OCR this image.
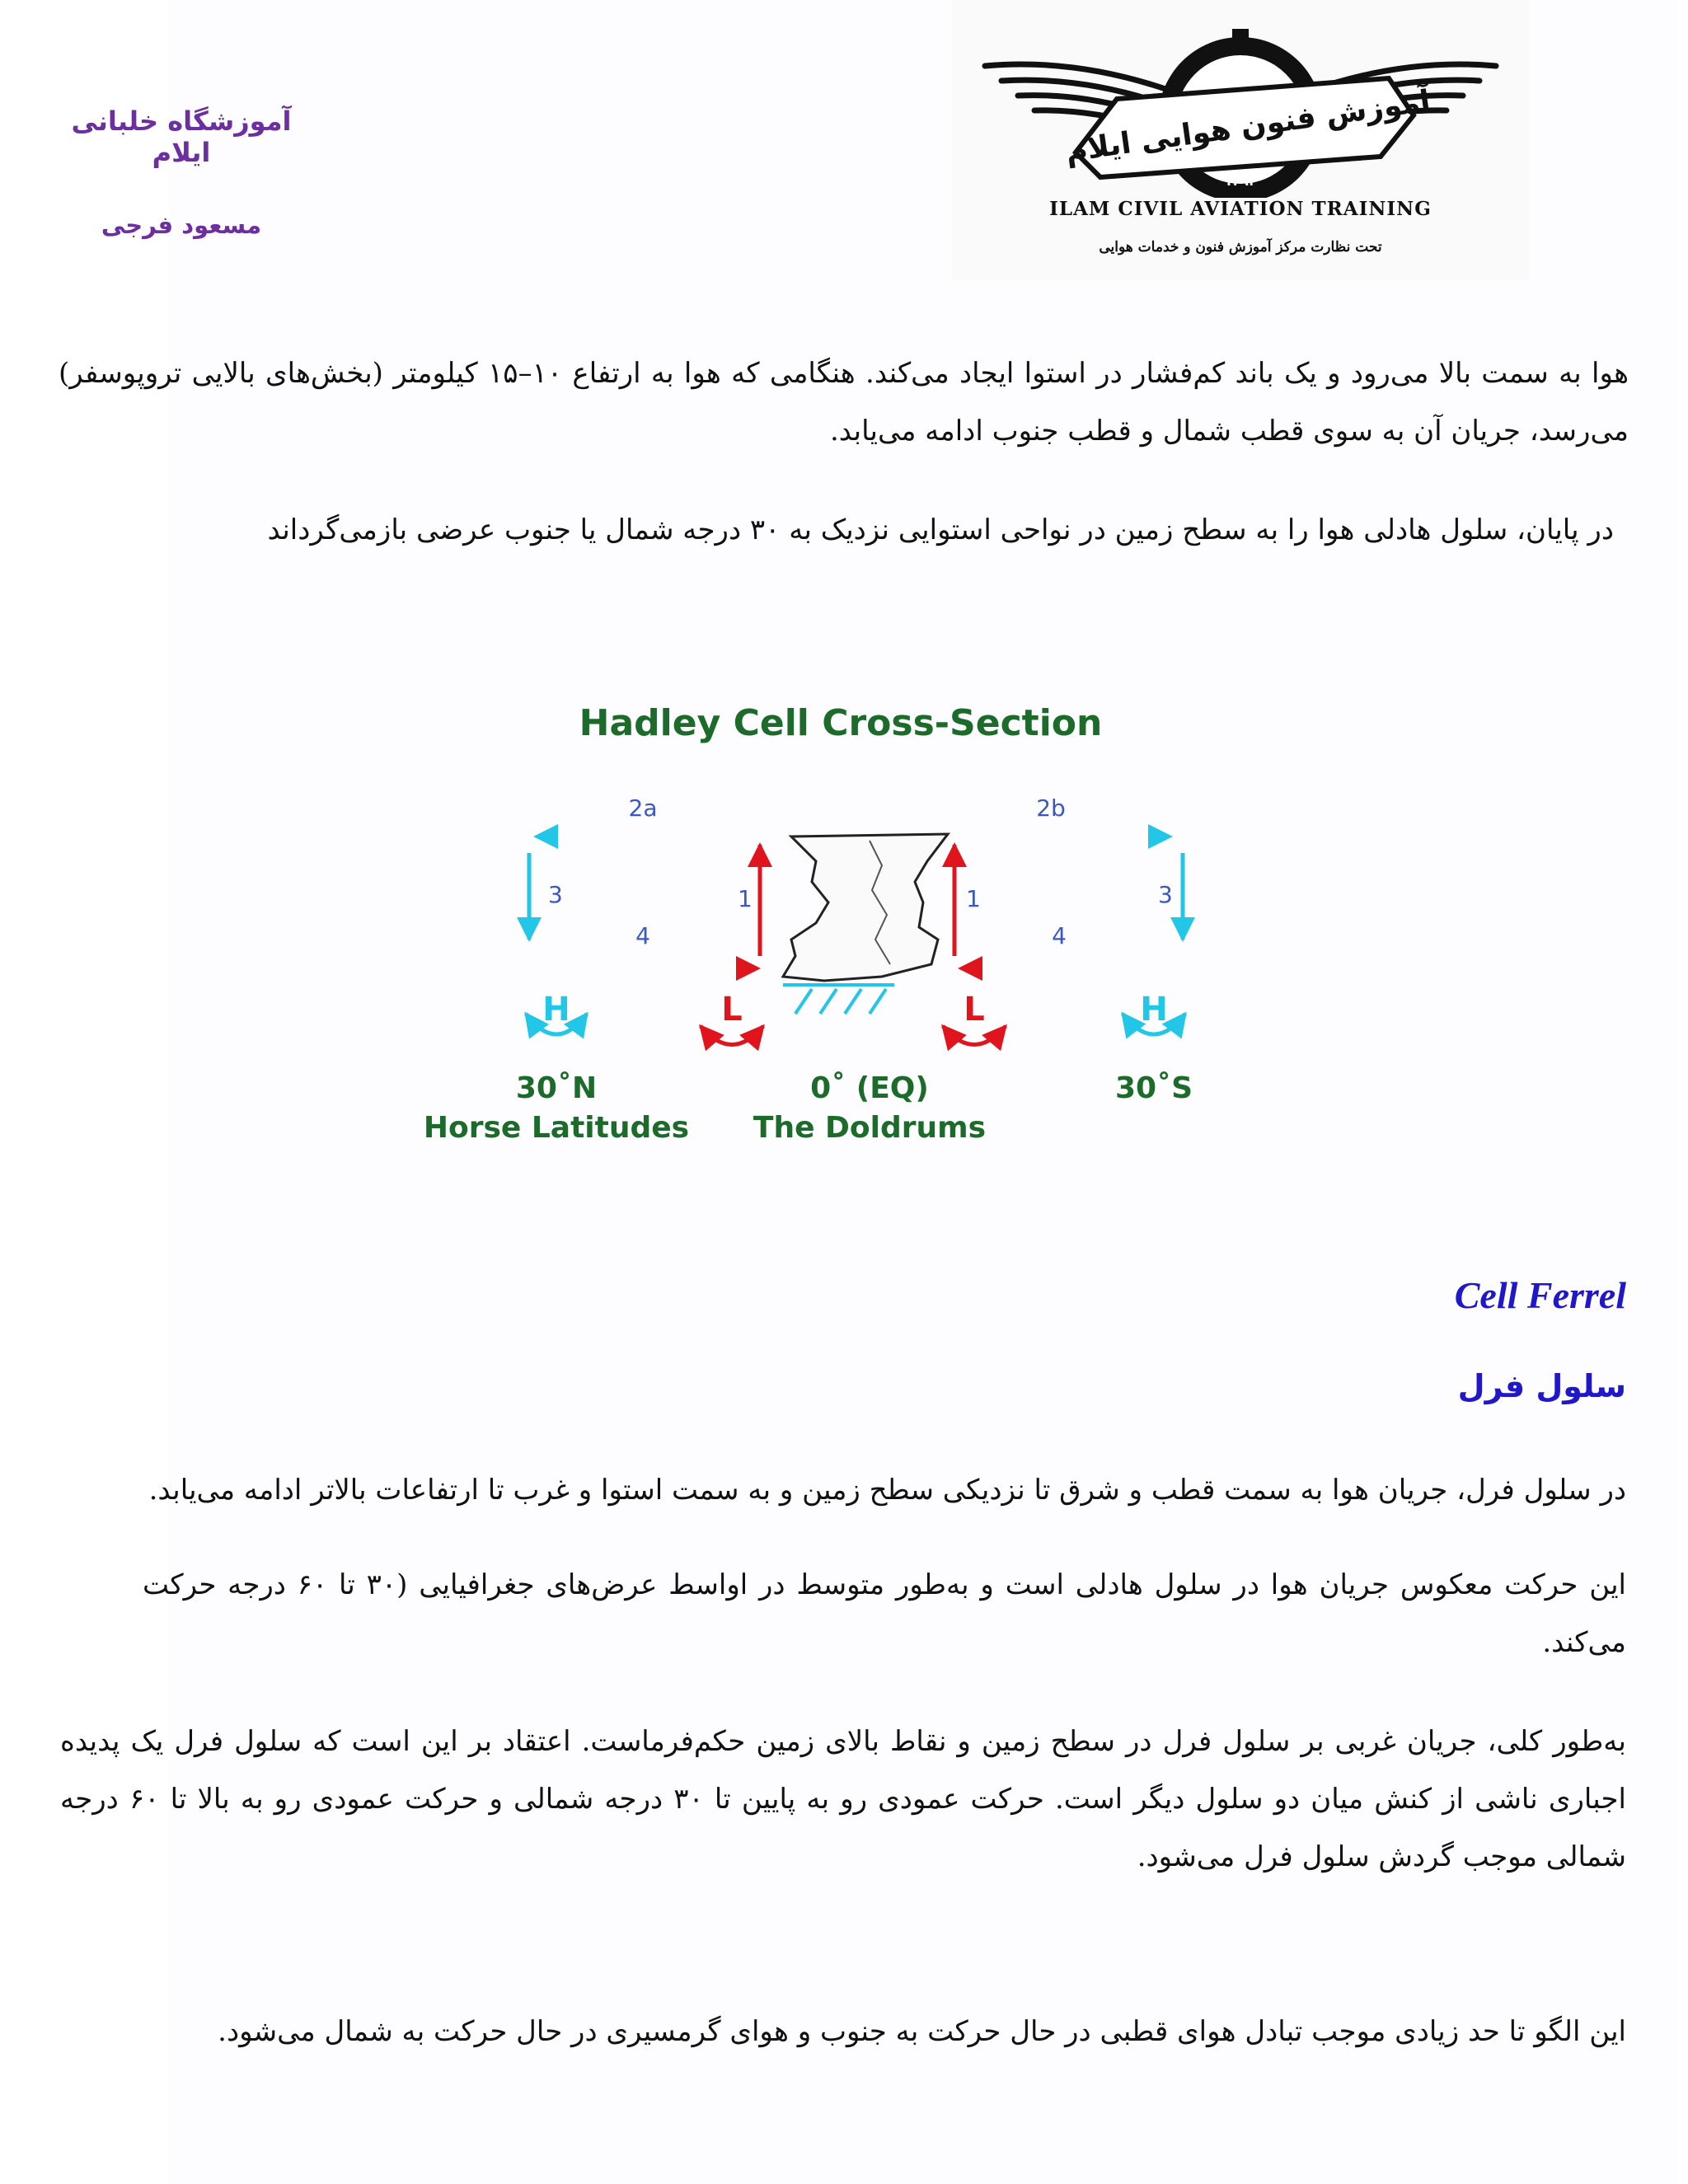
آموزشگاه خلبانی ایلام
مسعود فرجی
I.C.A.T
آموزش فنون هوایی ایلام
۱۳۹۲
ILAM CIVIL AVIATION TRAINING
تحت نظارت مرکز آموزش فنون و خدمات هوایی
هوا به سمت بالا می‌رود و یک باند کم‌فشار در استوا ایجاد می‌کند. هنگامی که هوا به ارتفاع ۱۰–۱۵ کیلومتر (بخش‌های بالایی تروپوسفر) می‌رسد، جریان آن به سوی قطب شمال و قطب جنوب ادامه می‌یابد.
در پایان، سلول هادلی هوا را به سطح زمین در نواحی استوایی نزدیک به ۳۰ درجه شمال یا جنوب عرضی بازمی‌گرداند
Hadley Cell Cross-Section
2a
3
4
1
2b
3
4
1
H	L	L	H
30˚N
Horse Latitudes
0˚ (EQ)
The Doldrums
30˚S
Cell Ferrel
سلول فرل
در سلول فرل، جریان هوا به سمت قطب و شرق تا نزدیکی سطح زمین و به سمت استوا و غرب تا ارتفاعات بالاتر ادامه می‌یابد.
این حرکت معکوس جریان هوا در سلول هادلی است و به‌طور متوسط در اواسط عرض‌های جغرافیایی (۳۰ تا ۶۰ درجه حرکت می‌کند.
به‌طور کلی، جریان غربی بر سلول فرل در سطح زمین و نقاط بالای زمین حکم‌فرماست. اعتقاد بر این است که سلول فرل یک پدیده اجباری ناشی از کنش میان دو سلول دیگر است. حرکت عمودی رو به پایین تا ۳۰ درجه شمالی و حرکت عمودی رو به بالا تا ۶۰ درجه شمالی موجب گردش سلول فرل می‌شود.
این الگو تا حد زیادی موجب تبادل هوای قطبی در حال حرکت به جنوب و هوای گرمسیری در حال حرکت به شمال می‌شود.
